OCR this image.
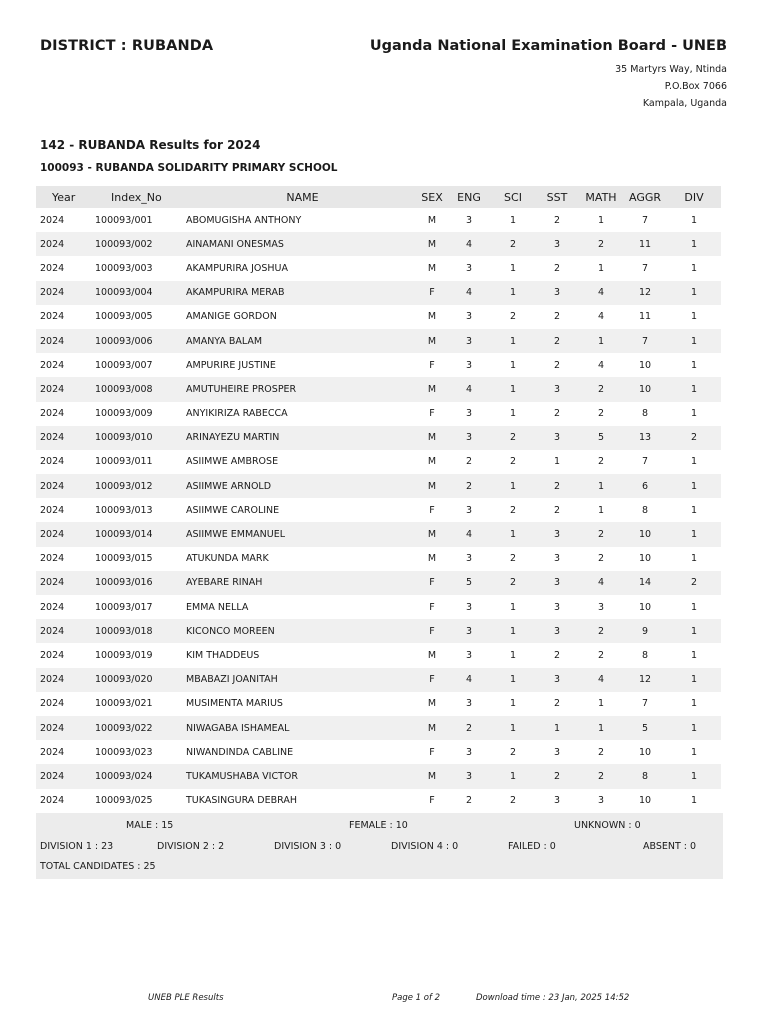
DISTRICT : RUBANDA	Uganda National Examination Board - UNEB
35 Martyrs Way, Ntinda
P.O.Box 7066
Kampala, Uganda
142 - RUBANDA Results for 2024
100093 - RUBANDA SOLIDARITY PRIMARY SCHOOL
Year	Index_No	NAME	SEX	ENG	SCI	SST	MATH	AGGR	DIV
2024	100093/001	ABOMUGISHA ANTHONY	M	3	1	2	1	7	1
2024	100093/002	AINAMANI ONESMAS	M	4	2	3	2	11	1
2024	100093/003	AKAMPURIRA JOSHUA	M	3	1	2	1	7	1
2024	100093/004	AKAMPURIRA MERAB	F	4	1	3	4	12	1
2024	100093/005	AMANIGE GORDON	M	3	2	2	4	11	1
2024	100093/006	AMANYA BALAM	M	3	1	2	1	7	1
2024	100093/007	AMPURIRE JUSTINE	F	3	1	2	4	10	1
2024	100093/008	AMUTUHEIRE PROSPER	M	4	1	3	2	10	1
2024	100093/009	ANYIKIRIZA RABECCA	F	3	1	2	2	8	1
2024	100093/010	ARINAYEZU MARTIN	M	3	2	3	5	13	2
2024	100093/011	ASIIMWE AMBROSE	M	2	2	1	2	7	1
2024	100093/012	ASIIMWE ARNOLD	M	2	1	2	1	6	1
2024	100093/013	ASIIMWE CAROLINE	F	3	2	2	1	8	1
2024	100093/014	ASIIMWE EMMANUEL	M	4	1	3	2	10	1
2024	100093/015	ATUKUNDA MARK	M	3	2	3	2	10	1
2024	100093/016	AYEBARE RINAH	F	5	2	3	4	14	2
2024	100093/017	EMMA NELLA	F	3	1	3	3	10	1
2024	100093/018	KICONCO MOREEN	F	3	1	3	2	9	1
2024	100093/019	KIM THADDEUS	M	3	1	2	2	8	1
2024	100093/020	MBABAZI JOANITAH	F	4	1	3	4	12	1
2024	100093/021	MUSIMENTA MARIUS	M	3	1	2	1	7	1
2024	100093/022	NIWAGABA ISHAMEAL	M	2	1	1	1	5	1
2024	100093/023	NIWANDINDA CABLINE	F	3	2	3	2	10	1
2024	100093/024	TUKAMUSHABA VICTOR	M	3	1	2	2	8	1
2024	100093/025	TUKASINGURA DEBRAH	F	2	2	3	3	10	1
MALE : 15	FEMALE : 10	UNKNOWN : 0
DIVISION 1 : 23	DIVISION 2 : 2	DIVISION 3 : 0	DIVISION 4 : 0	FAILED : 0	ABSENT : 0
TOTAL CANDIDATES : 25
UNEB PLE Results	Page 1 of 2	Download time : 23 Jan, 2025 14:52
